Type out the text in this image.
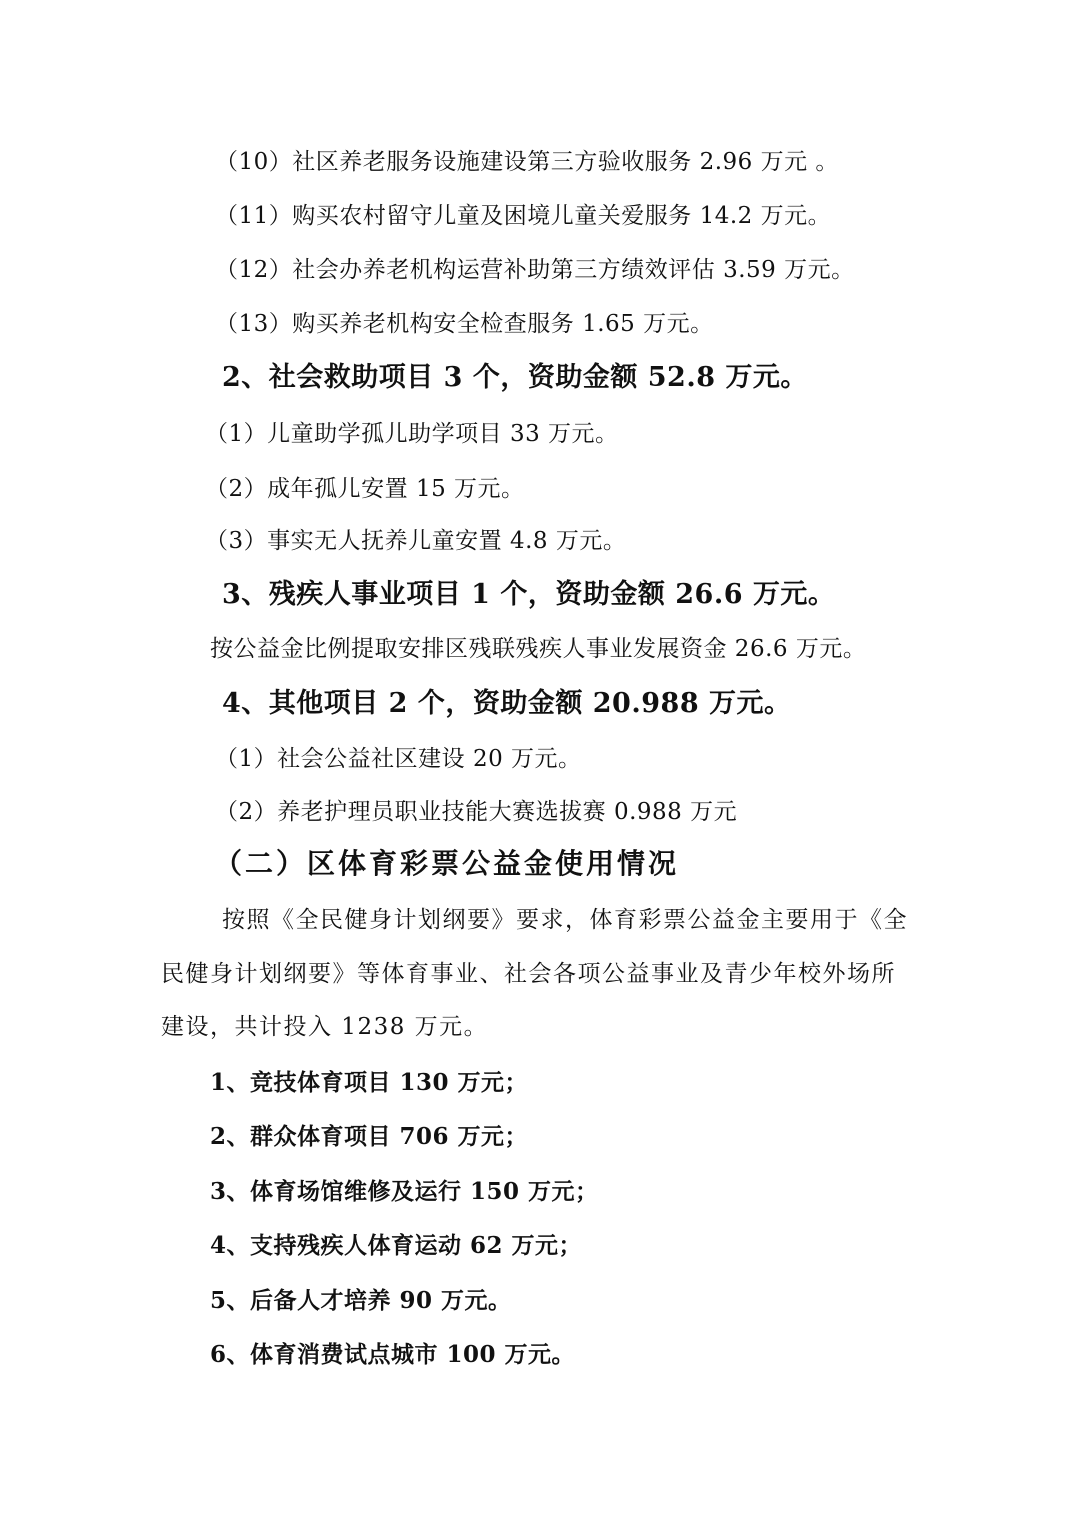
（10）社区养老服务设施建设第三方验收服务 2.96 万元 。
（11）购买农村留守儿童及困境儿童关爱服务 14.2 万元。
（12）社会办养老机构运营补助第三方绩效评估 3.59 万元。
（13）购买养老机构安全检查服务 1.65 万元。
2、社会救助项目 3 个，资助金额 52.8 万元。
（1）儿童助学孤儿助学项目 33 万元。
（2）成年孤儿安置 15 万元。
（3）事实无人抚养儿童安置 4.8 万元。
3、残疾人事业项目 1 个，资助金额 26.6 万元。
按公益金比例提取安排区残联残疾人事业发展资金 26.6 万元。
4、其他项目 2 个，资助金额 20.988 万元。
（1）社会公益社区建设 20 万元。
（2）养老护理员职业技能大赛选拔赛 0.988 万元
（二）区体育彩票公益金使用情况
按照《全民健身计划纲要》要求，体育彩票公益金主要用于《全
民健身计划纲要》等体育事业、社会各项公益事业及青少年校外场所
建设，共计投入 1238 万元。
1、竞技体育项目 130 万元；
2、群众体育项目 706 万元；
3、体育场馆维修及运行 150 万元；
4、支持残疾人体育运动 62 万元；
5、后备人才培养 90 万元。
6、体育消费试点城市 100 万元。
